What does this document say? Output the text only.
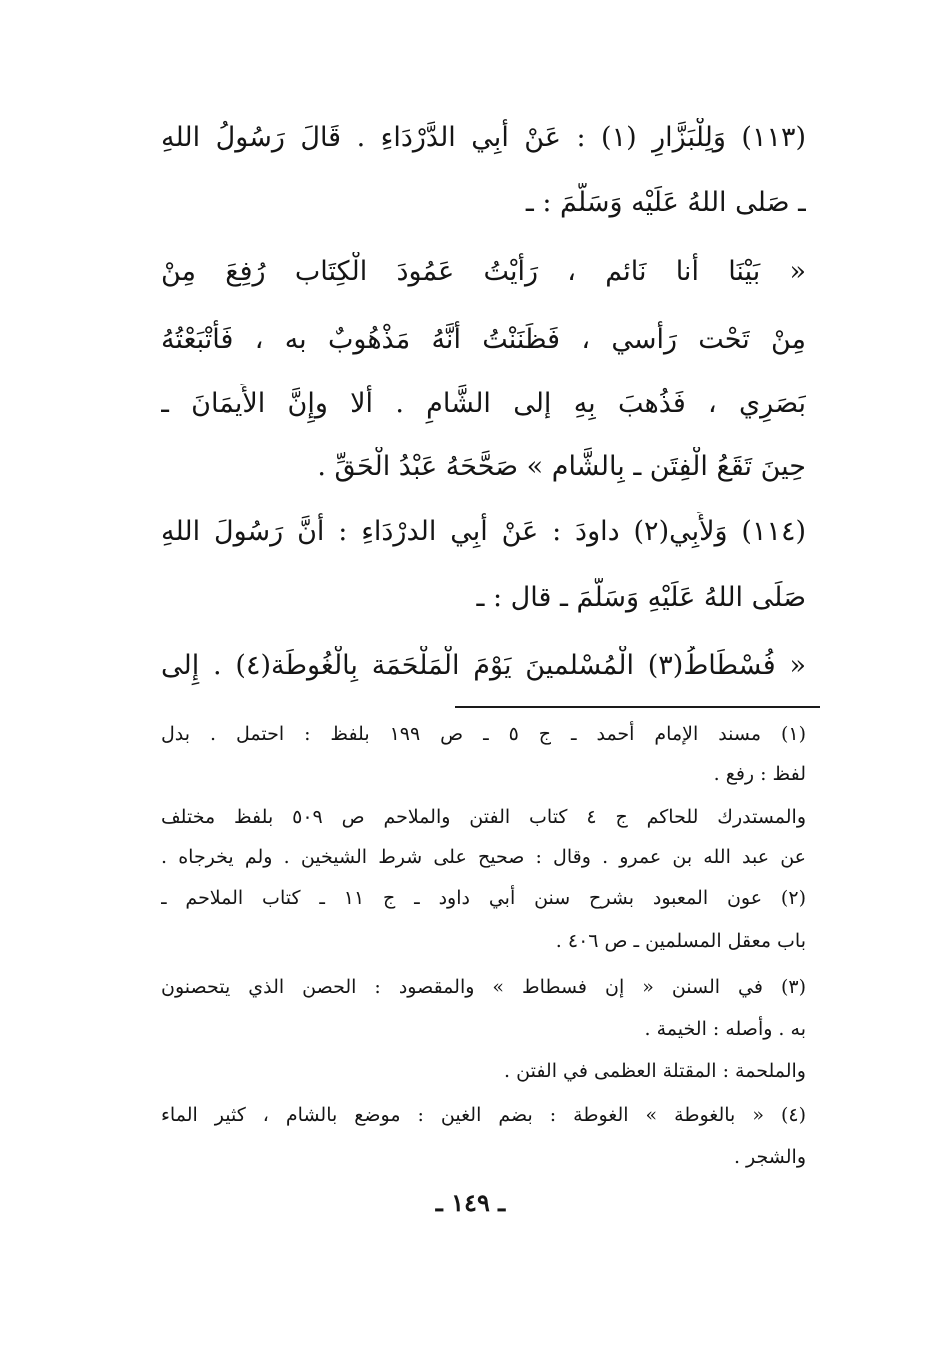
(١١٣) وَلِلْبَزَّارِ (١) : عَنْ أَبِي الدَّرْدَاءِ . قَالَ رَسُولُ اللهِ
ـ صَلى اللهُ عَلَيْه وَسَلَّمَ : ـ
« بَيْنَا أَنا نَائم ، رَأَيْتُ عَمُودَ الْكِتَاب رُفِعَ مِنْ
مِنْ تَحْت رَأْسي ، فَظَنَنْتُ أَنَّهُ مَذْهُوبٌ به ، فَأَتْبَعْتُهُ
بَصَرِي ، فَذُهبَ بِهِ إلى الشَّامِ . أَلا وإِنَّ الأَيمَانَ ـ
حِينَ تَقَعُ الْفِتَن ـ بِالشَّام » صَحَّحَهُ عَبْدُ الْحَقِّ .
(١١٤) وَلأَبِي(٢) داودَ : عَنْ أَبِي الدرْدَاءِ : أَنَّ رَسُولَ اللهِ
صَلَى اللهُ عَلَيْهِ وَسَلَّمَ ـ قال : ـ
« فُسْطَاطُ(٣) الْمُسْلمينَ يَوْمَ الْمَلْحَمَة بِالْغُوطَة(٤) . إِلى
(١) مسند الإمام أحمد ـ ج ٥ ـ ص ١٩٩ بلفظ : احتمل . بدل
لفظ : رفع .
والمستدرك للحاكم ج ٤ كتاب الفتن والملاحم ص ٥٠٩ بلفظ مختلف
عن عبد الله بن عمرو . وقال : صحيح على شرط الشيخين . ولم يخرجاه .
(٢) عون المعبود بشرح سنن أبي داود ـ ج ١١ ـ كتاب الملاحم ـ
باب معقل المسلمين ـ ص ٤٠٦ .
(٣) في السنن « إن فسطاط » والمقصود : الحصن الذي يتحصنون
به . وأصله : الخيمة .
والملحمة : المقتلة العظمى في الفتن .
(٤) « بالغوطة » الغوطة : بضم الغين : موضع بالشام ، كثير الماء
والشجر .
ـ ١٤٩ ـ
